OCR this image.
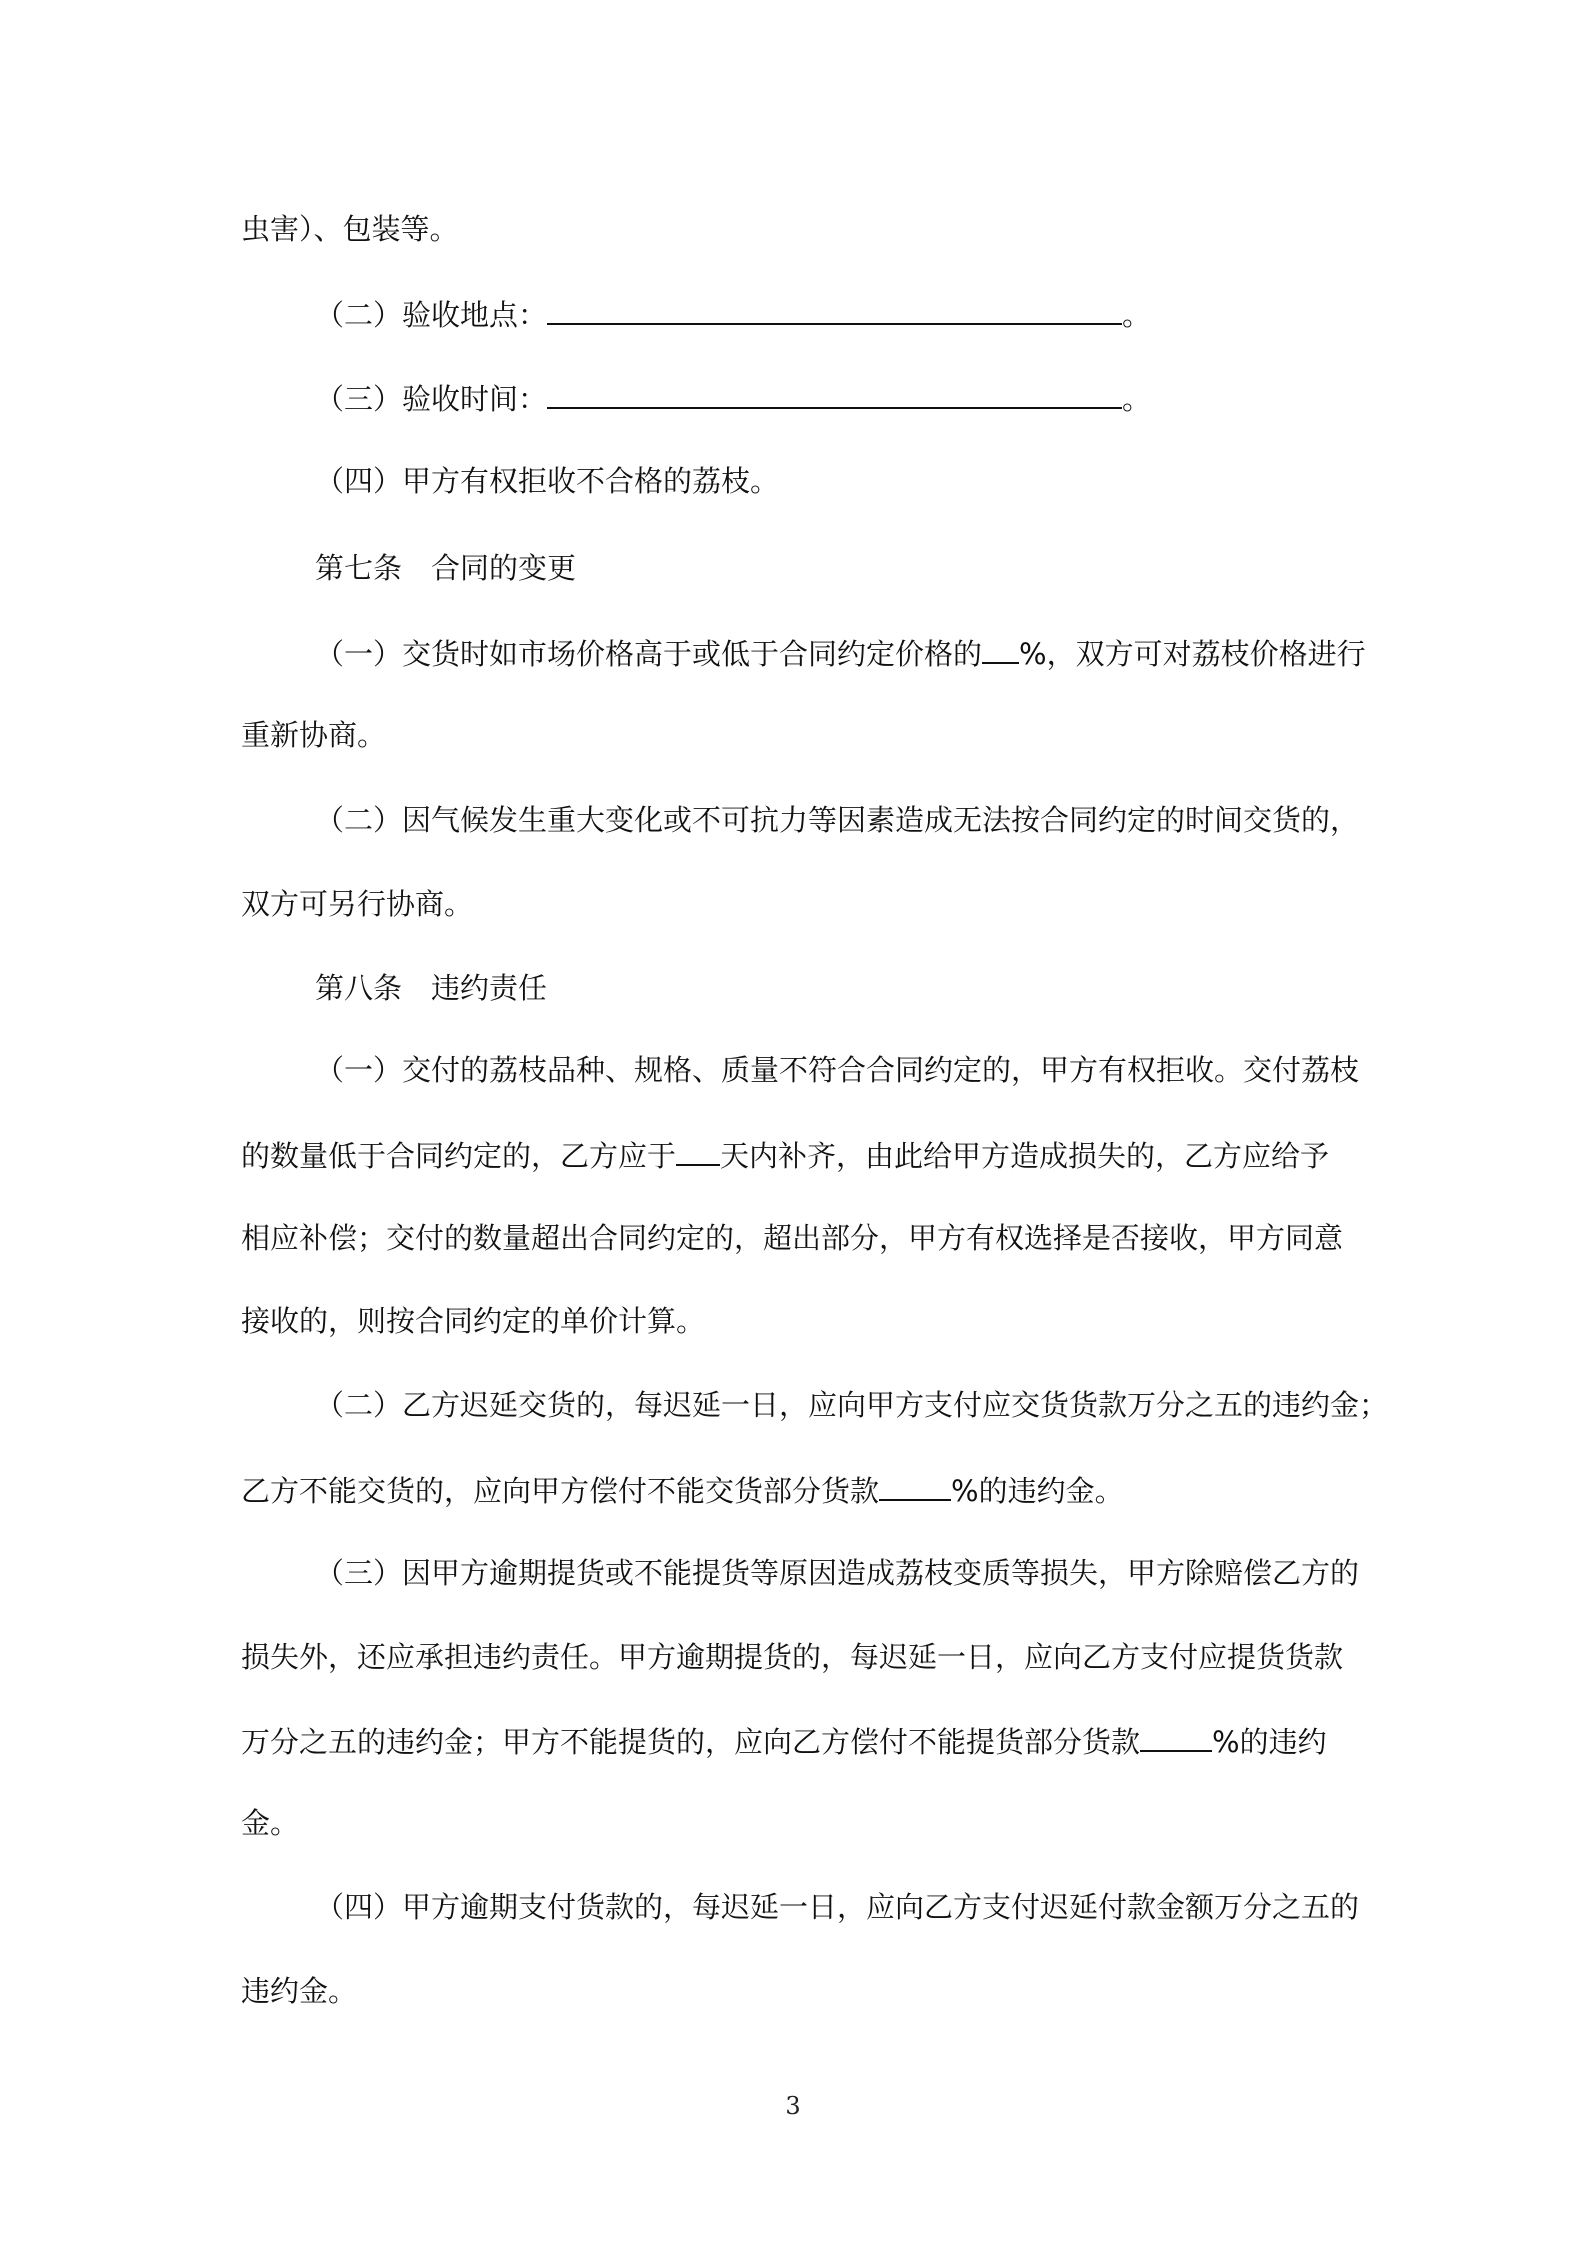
虫害）、包装等。
（二）验收地点：	。
（三）验收时间：	。
（四）甲方有权拒收不合格的荔枝。
第七条　合同的变更
（一）交货时如市场价格高于或低于合同约定价格的 %，双方可对荔枝价格进行
重新协商。
（二）因气候发生重大变化或不可抗力等因素造成无法按合同约定的时间交货的，
双方可另行协商。
第八条　违约责任
（一）交付的荔枝品种、规格、质量不符合合同约定的，甲方有权拒收。交付荔枝
的数量低于合同约定的，乙方应于 天内补齐，由此给甲方造成损失的，乙方应给予
相应补偿；交付的数量超出合同约定的，超出部分，甲方有权选择是否接收，甲方同意
接收的，则按合同约定的单价计算。
（二）乙方迟延交货的，每迟延一日，应向甲方支付应交货货款万分之五的违约金；
乙方不能交货的，应向甲方偿付不能交货部分货款 %的违约金。
（三）因甲方逾期提货或不能提货等原因造成荔枝变质等损失，甲方除赔偿乙方的
损失外，还应承担违约责任。甲方逾期提货的，每迟延一日，应向乙方支付应提货货款
万分之五的违约金；甲方不能提货的，应向乙方偿付不能提货部分货款 %的违约
金。
（四）甲方逾期支付货款的，每迟延一日，应向乙方支付迟延付款金额万分之五的
违约金。
3
